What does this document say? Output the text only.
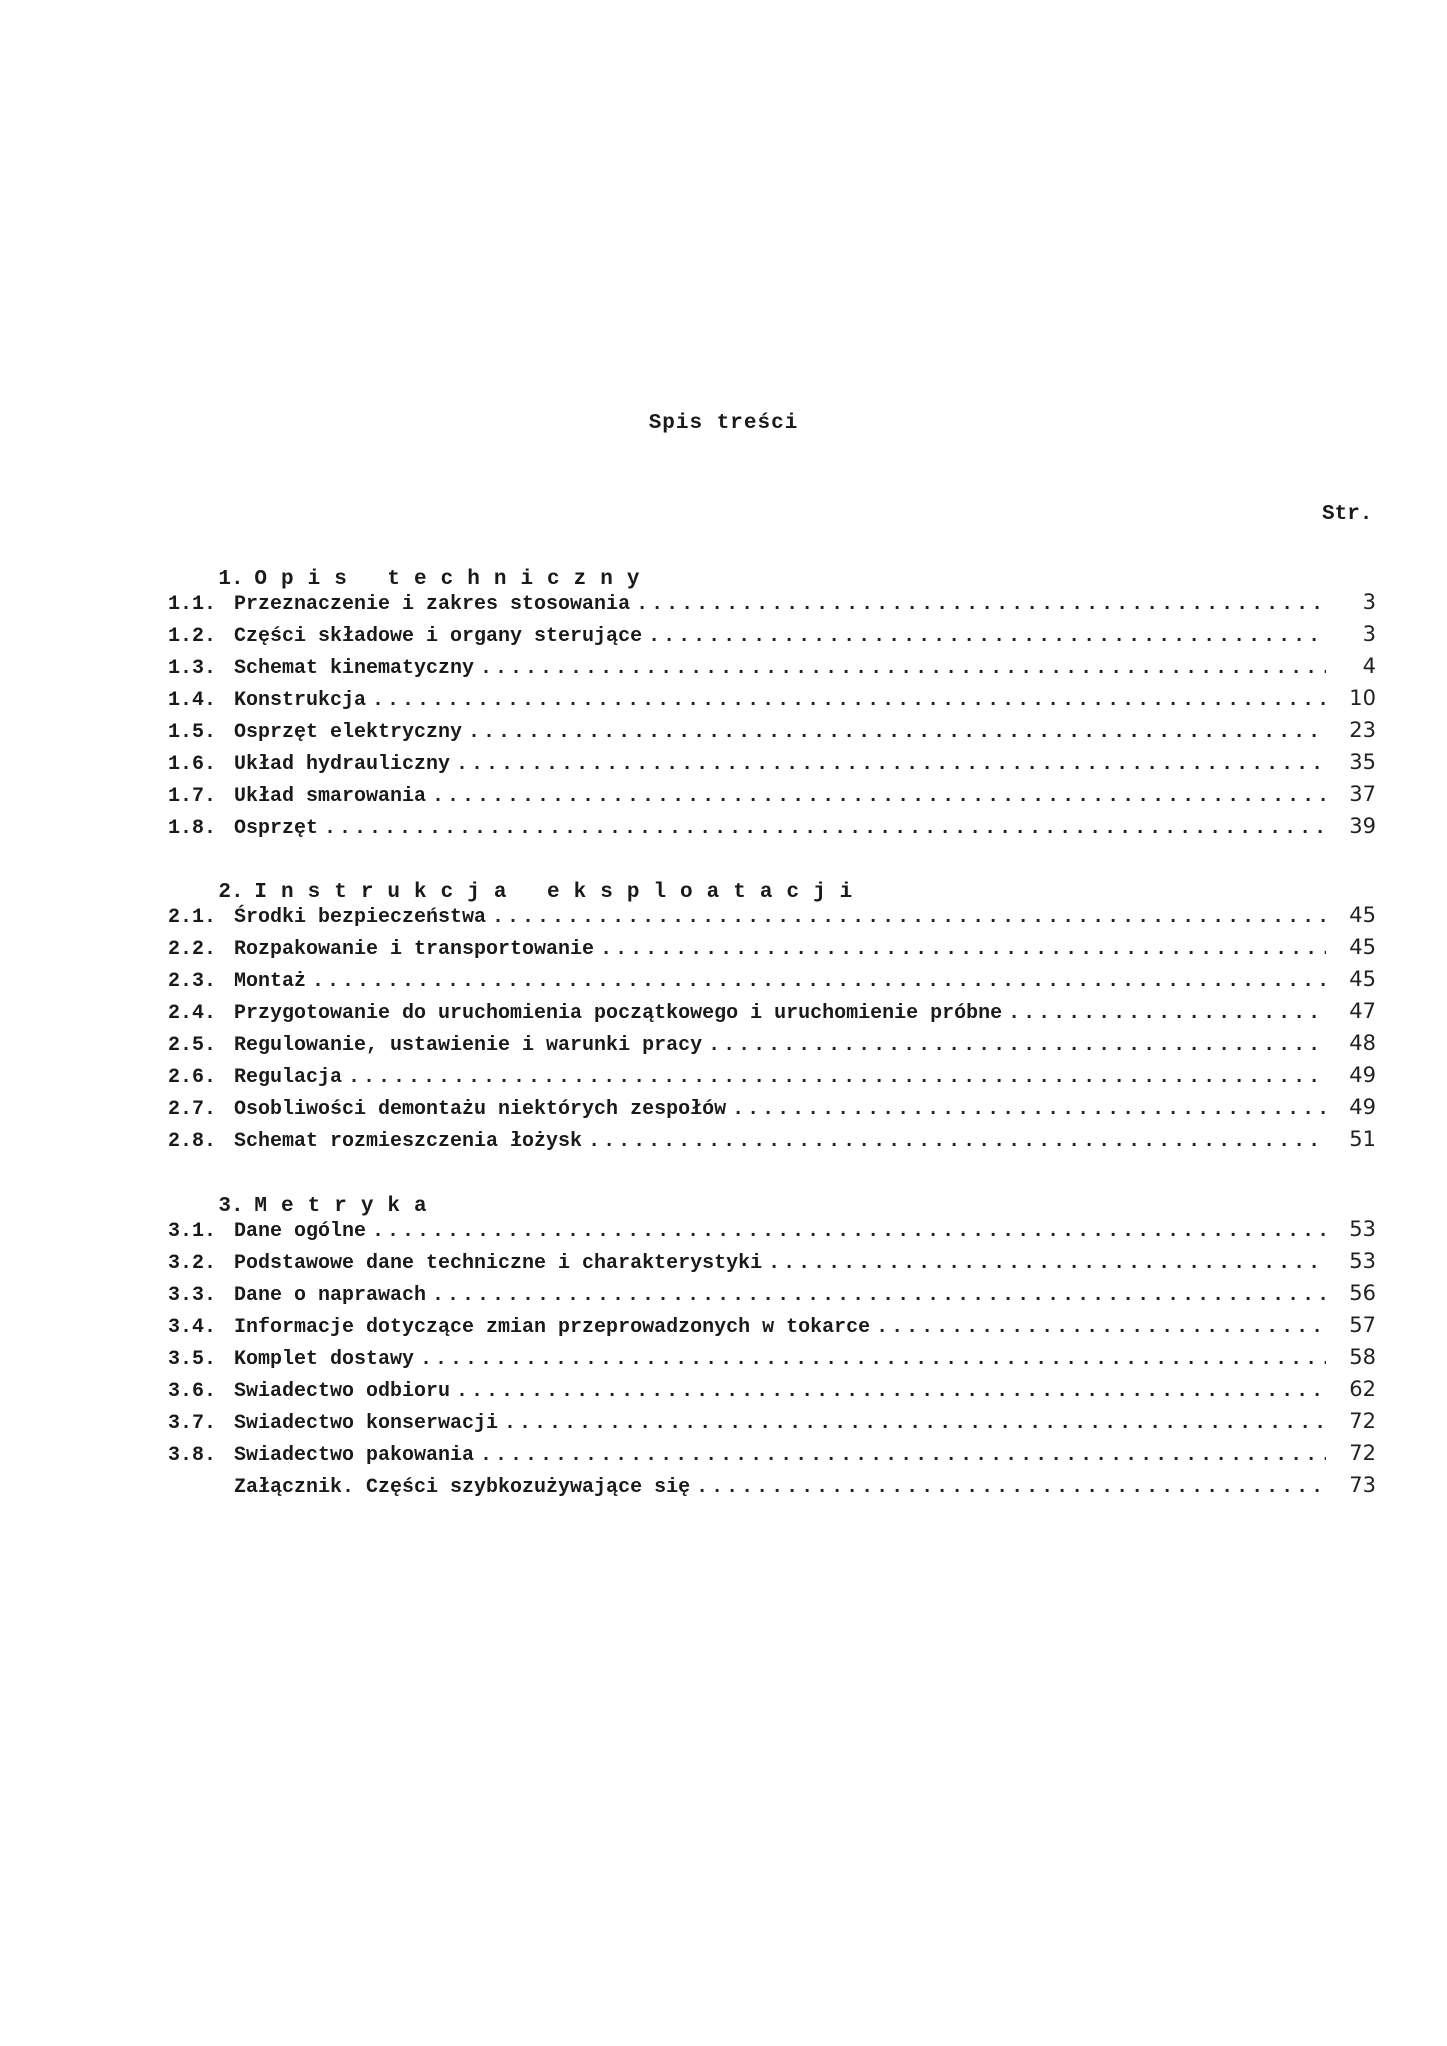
Spis treści
Str.

1. Opis techniczny

1.1. Przeznaczenie i zakres stosowania .....	3
1.2. Części składowe i organy sterujące .....	3
1.3. Schemat kinematyczny .....	4
1.4. Konstrukcja .....	10
1.5. Osprzęt elektryczny .....	23
1.6. Układ hydrauliczny .....	35
1.7. Układ smarowania .....	37
1.8. Osprzęt .....	39

2. Instrukcja eksploatacji

2.1. Środki bezpieczeństwa .....	45
2.2. Rozpakowanie i transportowanie .....	45
2.3. Montaż .....	45
2.4. Przygotowanie do uruchomienia początkowego i uruchomienie próbne .....	47
2.5. Regulowanie, ustawienie i warunki pracy .....	48
2.6. Regulacja .....	49
2.7. Osobliwości demontażu niektórych zespołów .....	49
2.8. Schemat rozmieszczenia łożysk .....	51

3. Metryka

3.1. Dane ogólne .....	53
3.2. Podstawowe dane techniczne i charakterystyki .....	53
3.3. Dane o naprawach .....	56
3.4. Informacje dotyczące zmian przeprowadzonych w tokarce .....	57
3.5. Komplet dostawy .....	58
3.6. Swiadectwo odbioru .....	62
3.7. Swiadectwo konserwacji .....	72
3.8. Swiadectwo pakowania .....	72
Załącznik. Części szybkozużywające się .....	73
